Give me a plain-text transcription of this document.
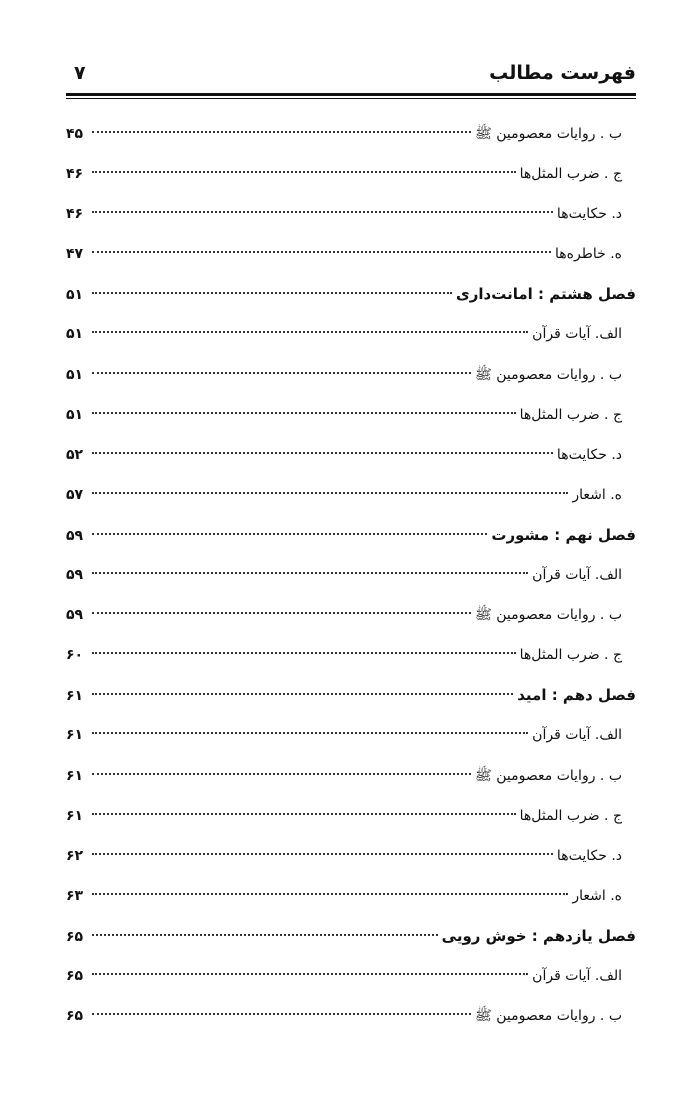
فهرست مطالب
۷
ب . روایات معصومین ﷺ
۴۵
ج . ضرب المثل‌ها
۴۶
د. حکایت‌ها
۴۶
ه. خاطره‌ها
۴۷
فصل هشتم : امانت‌داری
۵۱
الف. آیات قرآن
۵۱
ب . روایات معصومین ﷺ
۵۱
ج . ضرب المثل‌ها
۵۱
د. حکایت‌ها
۵۲
ه. اشعار
۵۷
فصل نهم : مشورت
۵۹
الف. آیات قرآن
۵۹
ب . روایات معصومین ﷺ
۵۹
ج . ضرب المثل‌ها
۶۰
فصل دهم : امید
۶۱
الف. آیات قرآن
۶۱
ب . روایات معصومین ﷺ
۶۱
ج . ضرب المثل‌ها
۶۱
د. حکایت‌ها
۶۲
ه. اشعار
۶۳
فصل یازدهم : خوش رویی
۶۵
الف. آیات قرآن
۶۵
ب . روایات معصومین ﷺ
۶۵
